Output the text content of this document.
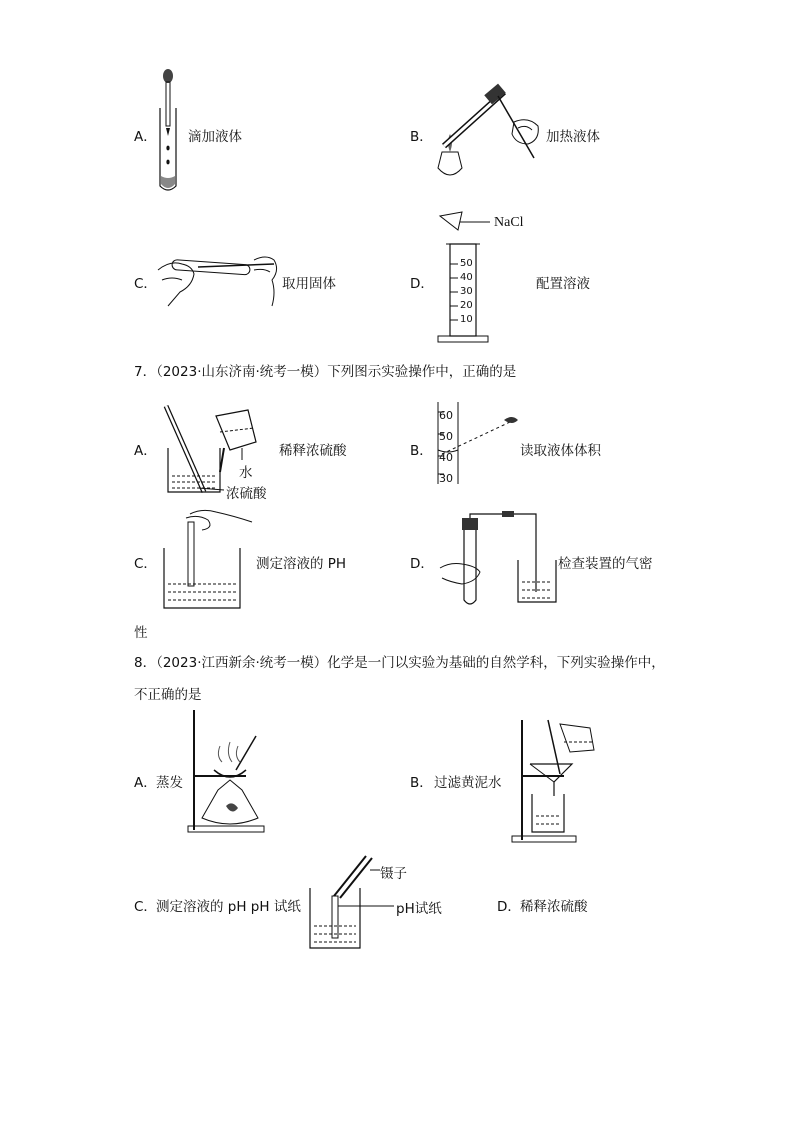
A． 滴加液体	B．	加热液体
C．	取用固体	D．
NaCl
50
40
30
20
10
配置溶液
7．（2023·山东济南·统考一模）下列图示实验操作中，正确的是
A．
水
浓硫酸
稀释浓硫酸	B．
60
50
40
30
读取液体体积
C．	测定溶液的 PH	D．	检查装置的气密
性
8．（2023·江西新余·统考一模）化学是一门以实验为基础的自然学科，下列实验操作中，
不正确的是
A． 蒸发	B． 过滤黄泥水
C． 测定溶液的 pH pH 试纸
镊子
pH试纸	D． 稀释浓硫酸
